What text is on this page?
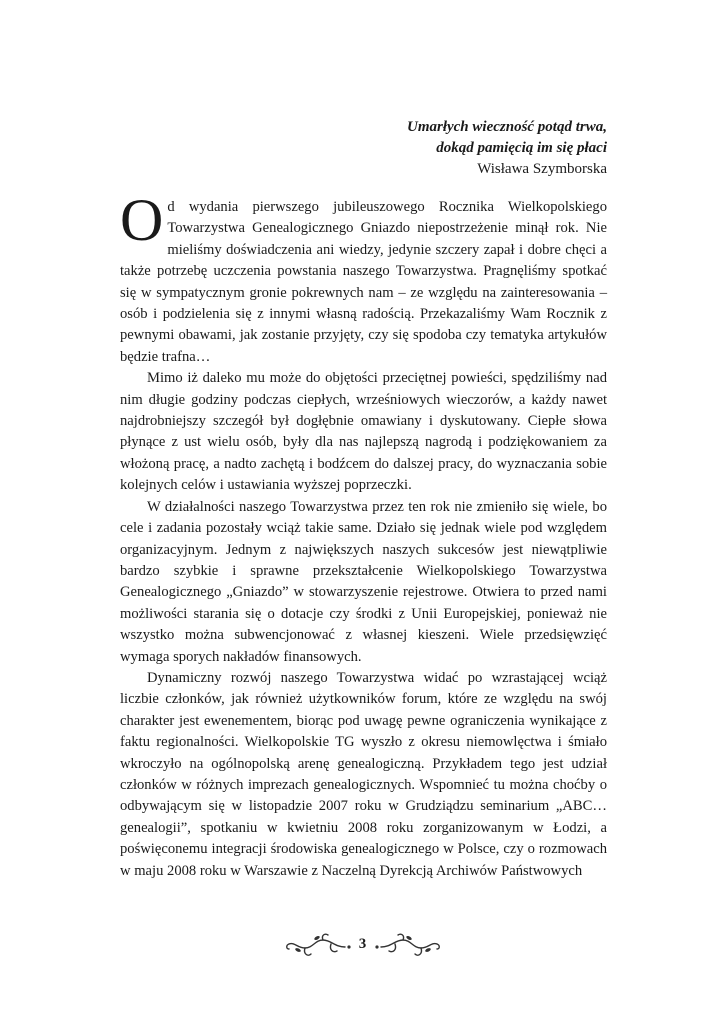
Umarłych wieczność potąd trwa,
dokąd pamięcią im się płaci
Wisława Szymborska

Od wydania pierwszego jubileuszowego Rocznika Wielkopolskiego Towarzystwa Genealogicznego Gniazdo niepostrzeżenie minął rok. Nie mieliśmy doświadczenia ani wiedzy, jedynie szczery zapał i dobre chęci a także potrzebę uczczenia powstania naszego Towarzystwa. Pragnęliśmy spotkać się w sympatycznym gronie pokrewnych nam – ze względu na zainteresowania – osób i podzielenia się z innymi własną radością. Przekazaliśmy Wam Rocznik z pewnymi obawami, jak zostanie przyjęty, czy się spodoba czy tematyka artykułów będzie trafna…

Mimo iż daleko mu może do objętości przeciętnej powieści, spędziliśmy nad nim długie godziny podczas ciepłych, wrześniowych wieczorów, a każdy nawet najdrobniejszy szczegół był dogłębnie omawiany i dyskutowany. Ciepłe słowa płynące z ust wielu osób, były dla nas najlepszą nagrodą i podziękowaniem za włożoną pracę, a nadto zachętą i bodźcem do dalszej pracy, do wyznaczania sobie kolejnych celów i ustawiania wyższej poprzeczki.

W działalności naszego Towarzystwa przez ten rok nie zmieniło się wiele, bo cele i zadania pozostały wciąż takie same. Działo się jednak wiele pod względem organizacyjnym. Jednym z największych naszych sukcesów jest niewątpliwie bardzo szybkie i sprawne przekształcenie Wielkopolskiego Towarzystwa Genealogicznego „Gniazdo” w stowarzyszenie rejestrowe. Otwiera to przed nami możliwości starania się o dotacje czy środki z Unii Europejskiej, ponieważ nie wszystko można subwencjonować z własnej kieszeni. Wiele przedsięwzięć wymaga sporych nakładów finansowych.

Dynamiczny rozwój naszego Towarzystwa widać po wzrastającej wciąż liczbie członków, jak również użytkowników forum, które ze względu na swój charakter jest ewenementem, biorąc pod uwagę pewne ograniczenia wynikające z faktu regionalności. Wielkopolskie TG wyszło z okresu niemowlęctwa i śmiało wkroczyło na ogólnopolską arenę genealogiczną. Przykładem tego jest udział członków w różnych imprezach genealogicznych. Wspomnieć tu można choćby o odbywającym się w listopadzie 2007 roku w Grudziądzu seminarium „ABC… genealogii”, spotkaniu w kwietniu 2008 roku zorganizowanym w Łodzi, a poświęconemu integracji środowiska genealogicznego w Polsce, czy o rozmowach w maju 2008 roku w Warszawie z Naczelną Dyrekcją Archiwów Państwowych

3
